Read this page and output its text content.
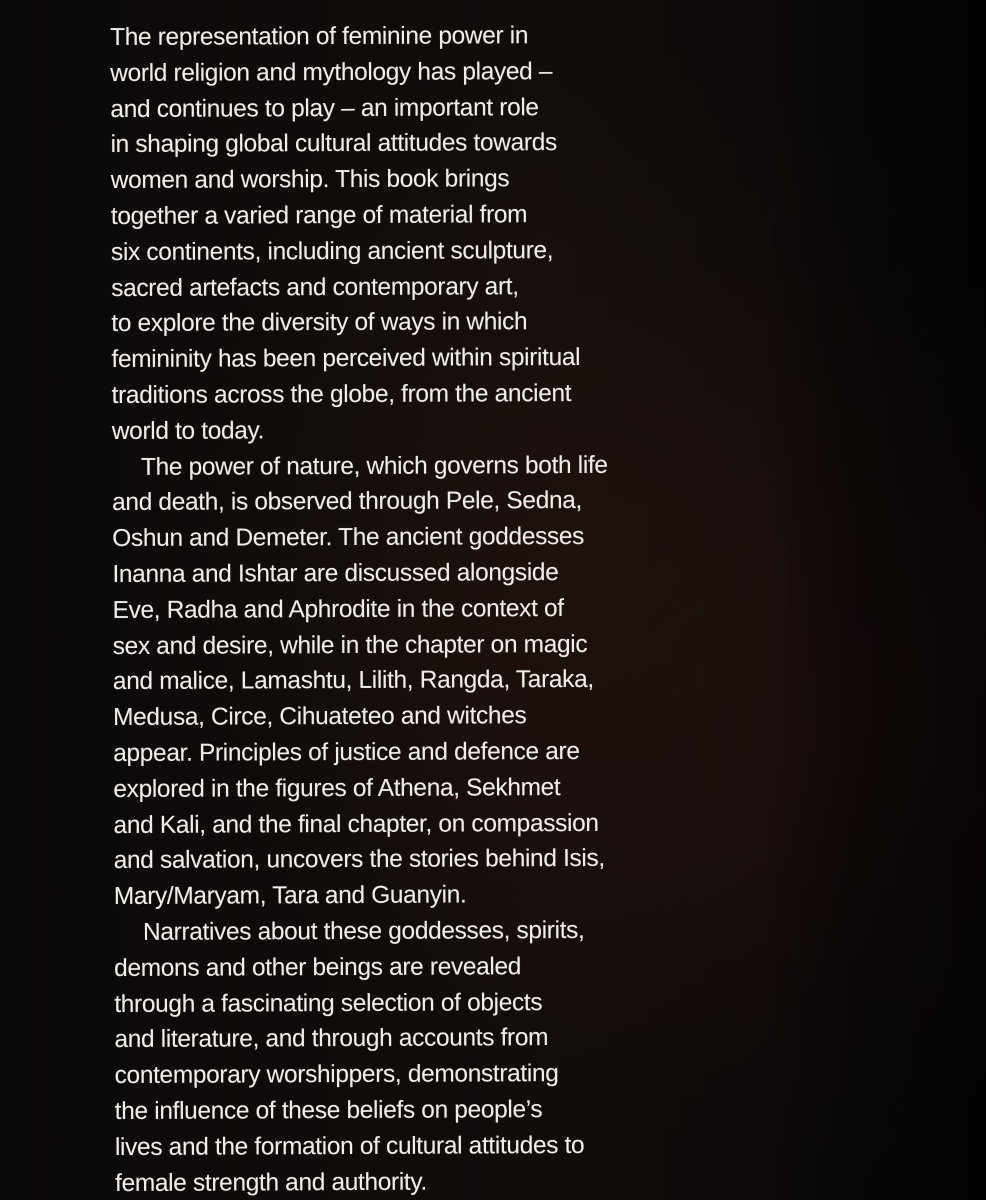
The representation of feminine power in
world religion and mythology has played –
and continues to play – an important role
in shaping global cultural attitudes towards
women and worship. This book brings
together a varied range of material from
six continents, including ancient sculpture,
sacred artefacts and contemporary art,
to explore the diversity of ways in which
femininity has been perceived within spiritual
traditions across the globe, from the ancient
world to today.
The power of nature, which governs both life
and death, is observed through Pele, Sedna,
Oshun and Demeter. The ancient goddesses
Inanna and Ishtar are discussed alongside
Eve, Radha and Aphrodite in the context of
sex and desire, while in the chapter on magic
and malice, Lamashtu, Lilith, Rangda, Taraka,
Medusa, Circe, Cihuateteo and witches
appear. Principles of justice and defence are
explored in the figures of Athena, Sekhmet
and Kali, and the final chapter, on compassion
and salvation, uncovers the stories behind Isis,
Mary/Maryam, Tara and Guanyin.
Narratives about these goddesses, spirits,
demons and other beings are revealed
through a fascinating selection of objects
and literature, and through accounts from
contemporary worshippers, demonstrating
the influence of these beliefs on people’s
lives and the formation of cultural attitudes to
female strength and authority.
